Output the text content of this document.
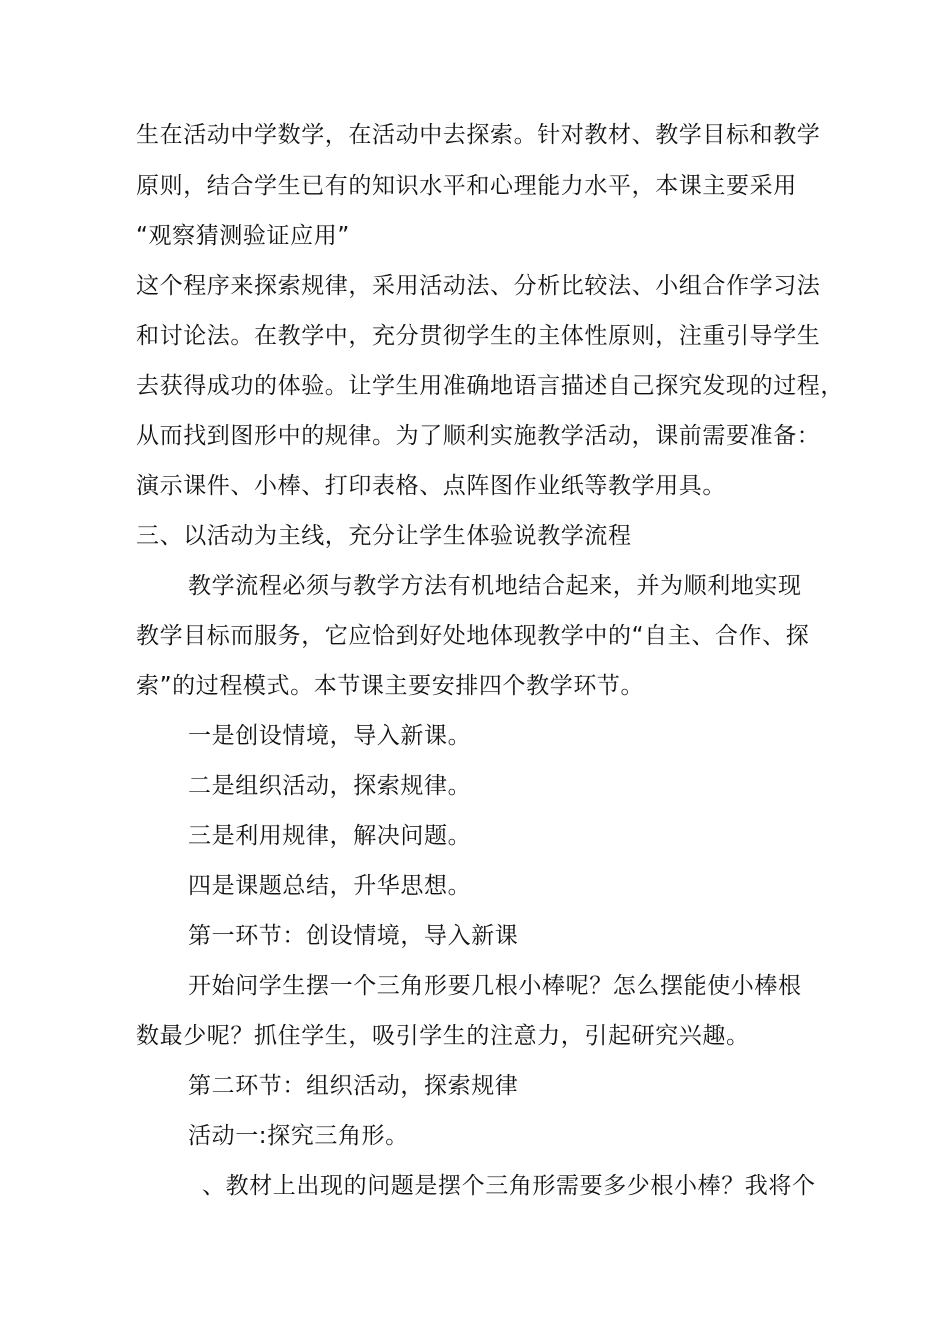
生在活动中学数学，在活动中去探索。针对教材、教学目标和教学
原则，结合学生已有的知识水平和心理能力水平，本课主要采用
“观察猜测验证应用”
这个程序来探索规律，采用活动法、分析比较法、小组合作学习法
和讨论法。在教学中，充分贯彻学生的主体性原则，注重引导学生
去获得成功的体验。让学生用准确地语言描述自己探究发现的过程，
从而找到图形中的规律。为了顺利实施教学活动，课前需要准备：
演示课件、小棒、打印表格、点阵图作业纸等教学用具。
三、以活动为主线，充分让学生体验说教学流程
教学流程必须与教学方法有机地结合起来，并为顺利地实现
教学目标而服务，它应恰到好处地体现教学中的“自主、合作、探
索”的过程模式。本节课主要安排四个教学环节。
一是创设情境，导入新课。
二是组织活动，探索规律。
三是利用规律，解决问题。
四是课题总结，升华思想。
第一环节：创设情境，导入新课
开始问学生摆一个三角形要几根小棒呢？怎么摆能使小棒根
数最少呢？抓住学生，吸引学生的注意力，引起研究兴趣。
第二环节：组织活动，探索规律
活动一:探究三角形。
、教材上出现的问题是摆个三角形需要多少根小棒？我将个
